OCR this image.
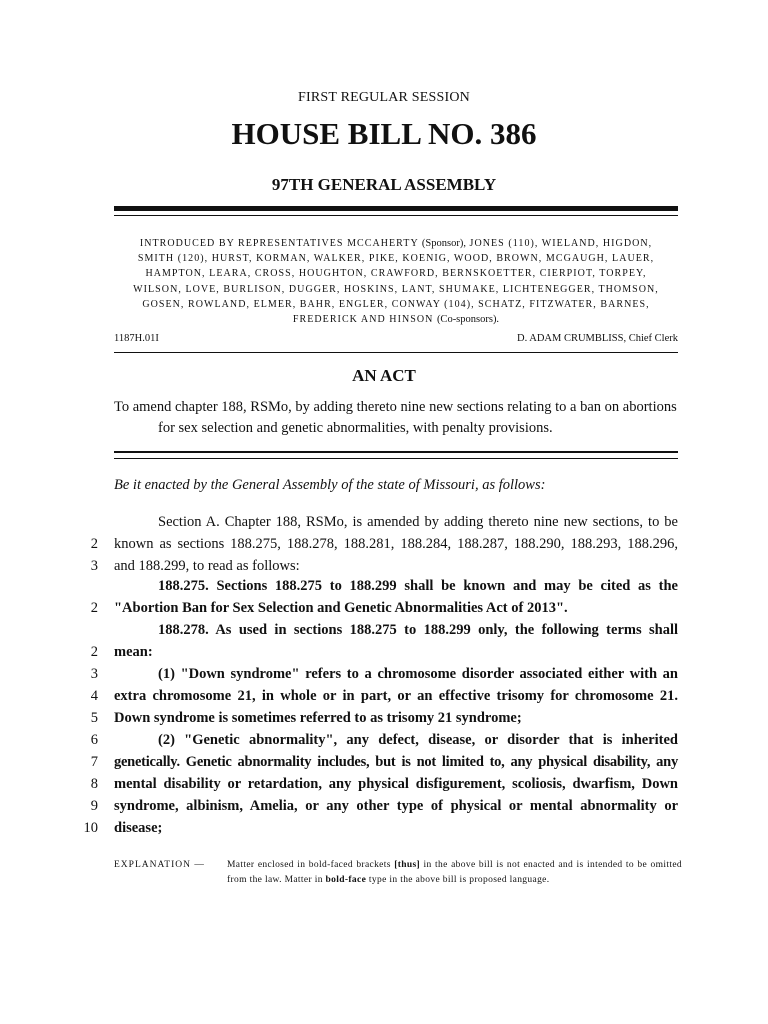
FIRST REGULAR SESSION
HOUSE BILL NO. 386
97TH GENERAL ASSEMBLY
INTRODUCED BY REPRESENTATIVES MCCAHERTY (Sponsor), JONES (110), WIELAND, HIGDON,
SMITH (120), HURST, KORMAN, WALKER, PIKE, KOENIG, WOOD, BROWN, MCGAUGH, LAUER,
HAMPTON, LEARA, CROSS, HOUGHTON, CRAWFORD, BERNSKOETTER, CIERPIOT, TORPEY,
WILSON, LOVE, BURLISON, DUGGER, HOSKINS, LANT, SHUMAKE, LICHTENEGGER, THOMSON,
GOSEN, ROWLAND, ELMER, BAHR, ENGLER, CONWAY (104), SCHATZ, FITZWATER, BARNES,
FREDERICK AND HINSON (Co-sponsors).
1187H.01I	D. ADAM CRUMBLISS, Chief Clerk
AN ACT
To amend chapter 188, RSMo, by adding thereto nine new sections relating to a ban on abortions
for sex selection and genetic abnormalities, with penalty provisions.
Be it enacted by the General Assembly of the state of Missouri, as follows:
Section A. Chapter 188, RSMo, is amended by adding thereto nine new sections, to be
2 known as sections 188.275, 188.278, 188.281, 188.284, 188.287, 188.290, 188.293, 188.296,
3 and 188.299, to read as follows:
188.275. Sections 188.275 to 188.299 shall be known and may be cited as the
2 "Abortion Ban for Sex Selection and Genetic Abnormalities Act of 2013".
188.278. As used in sections 188.275 to 188.299 only, the following terms shall
2 mean:
3	(1) "Down syndrome" refers to a chromosome disorder associated either with an
4 extra chromosome 21, in whole or in part, or an effective trisomy for chromosome 21.
5 Down syndrome is sometimes referred to as trisomy 21 syndrome;
6	(2) "Genetic abnormality", any defect, disease, or disorder that is inherited
7 genetically. Genetic abnormality includes, but is not limited to, any physical disability, any
8 mental disability or retardation, any physical disfigurement, scoliosis, dwarfism, Down
9 syndrome, albinism, Amelia, or any other type of physical or mental abnormality or
10 disease;
EXPLANATION — Matter enclosed in bold-faced brackets [thus] in the above bill is not enacted and is intended to be omitted from the law. Matter in bold-face type in the above bill is proposed language.
